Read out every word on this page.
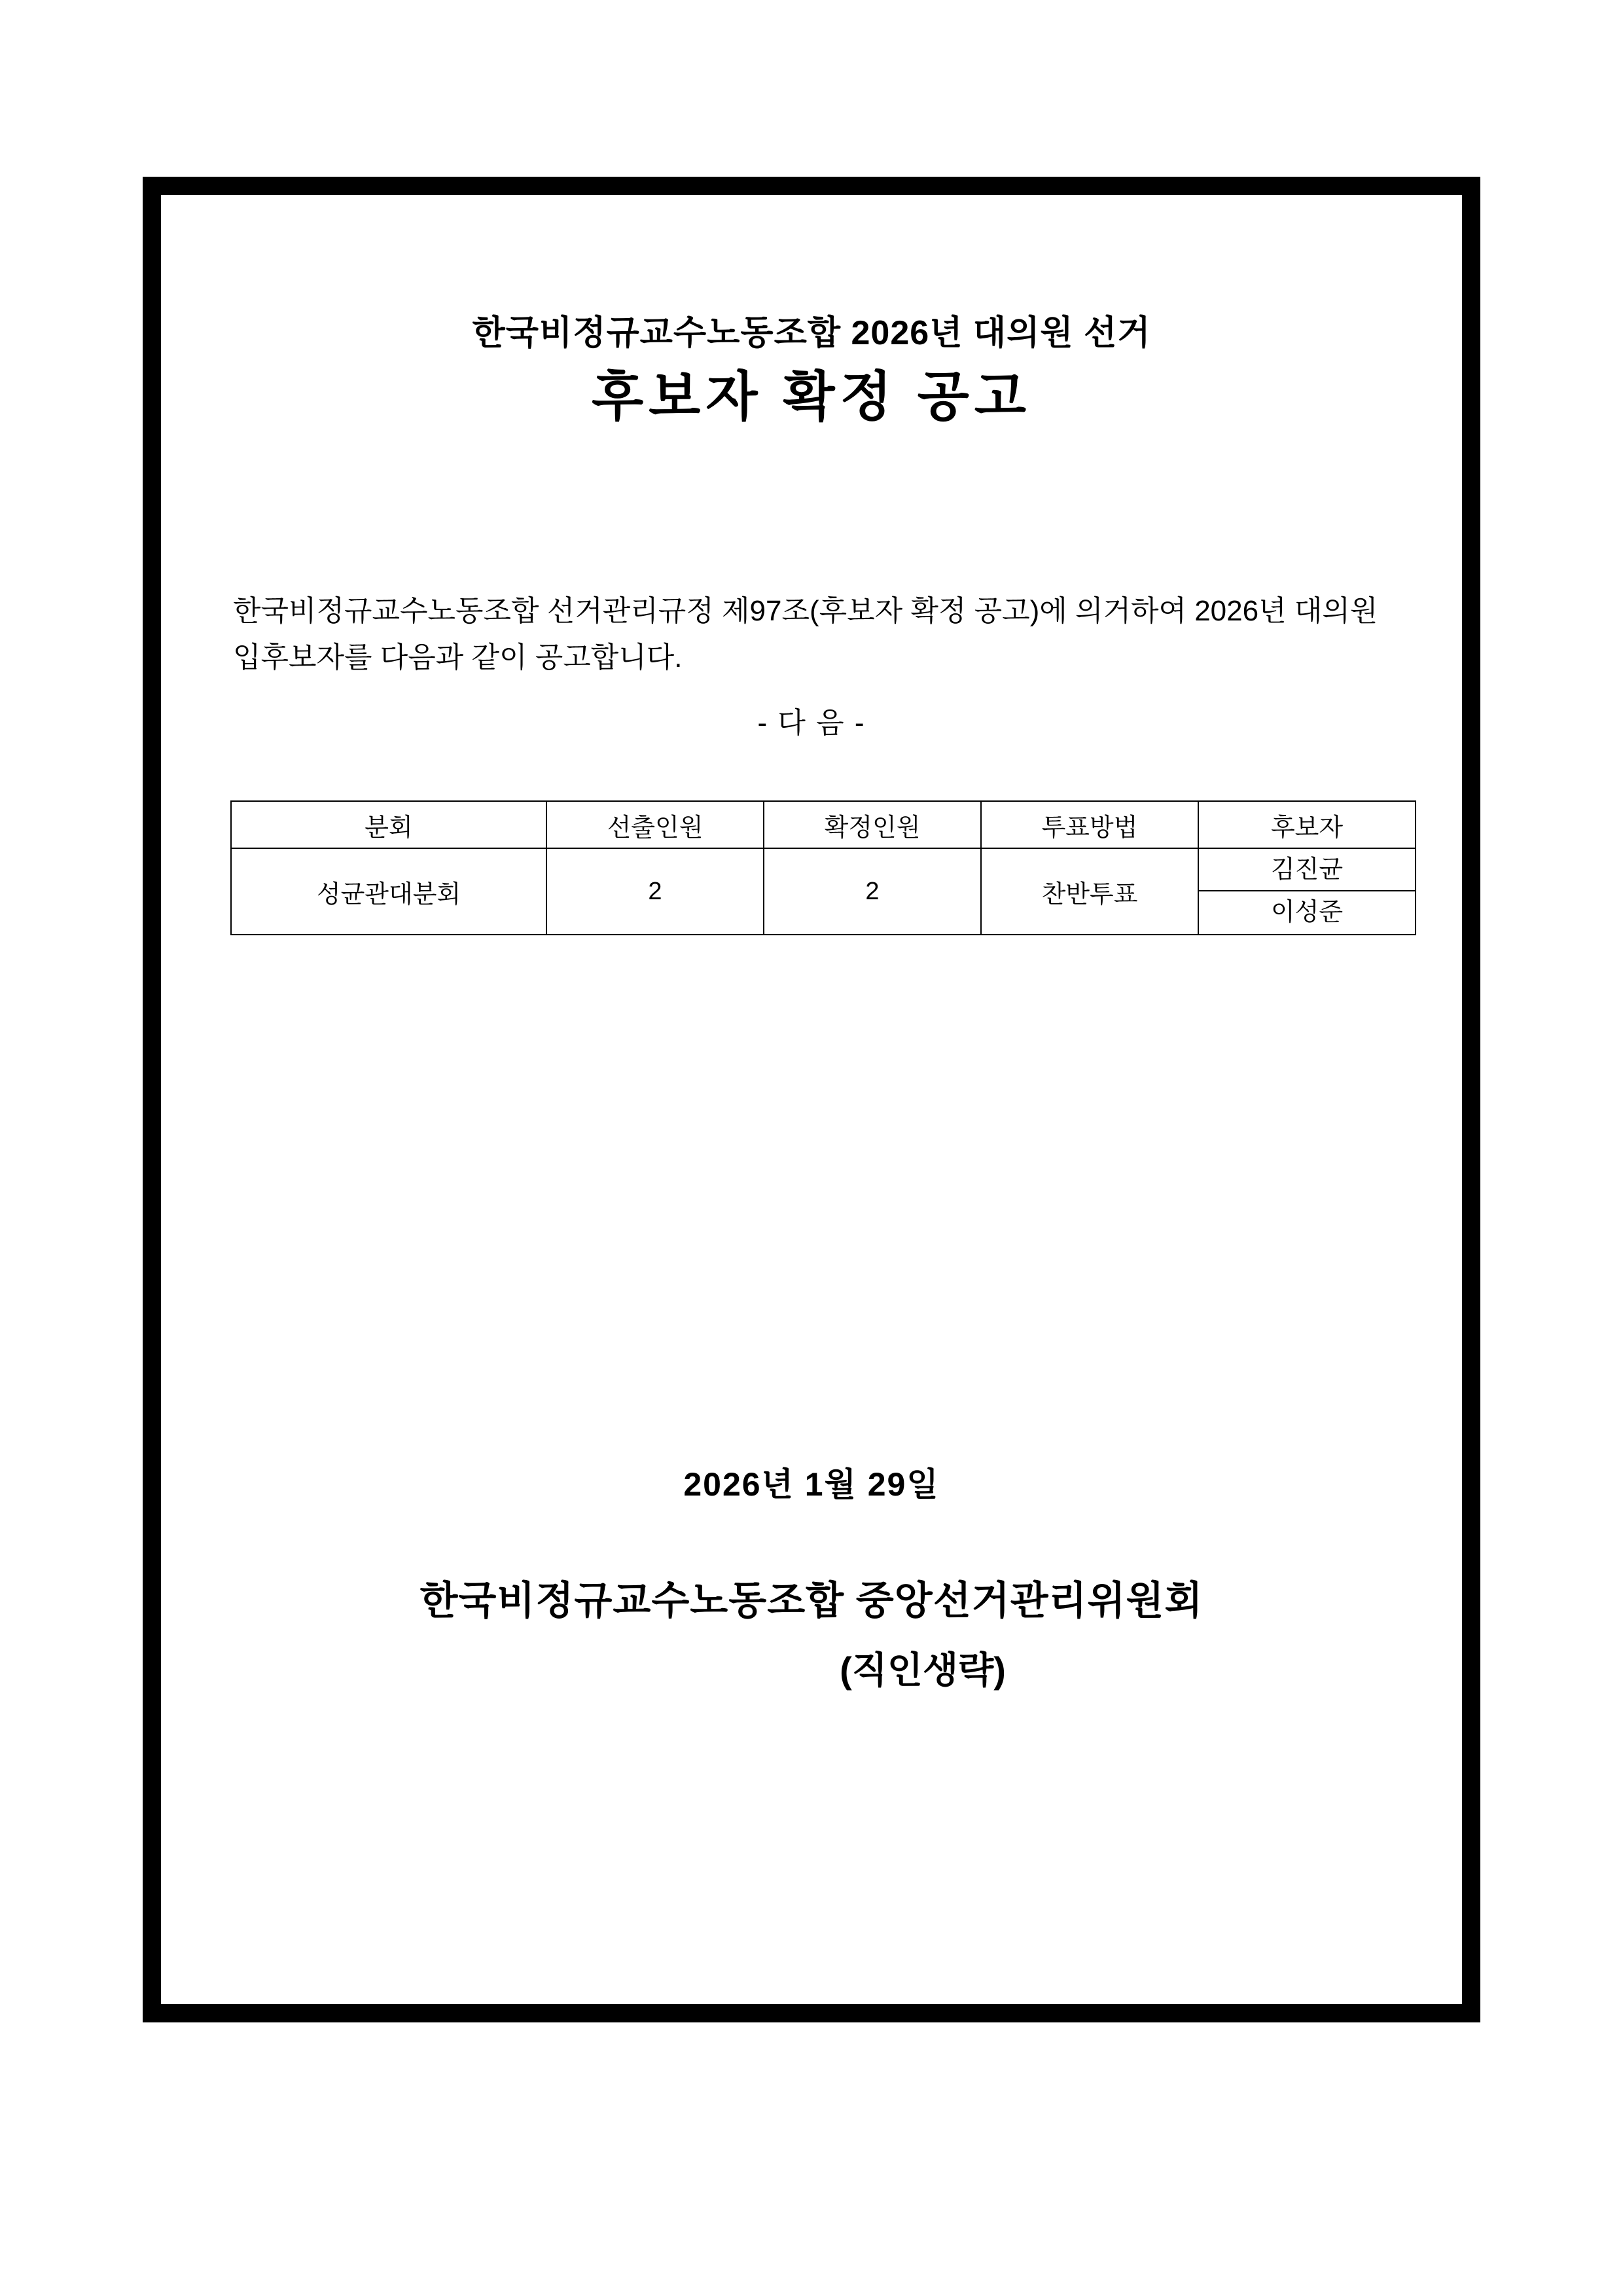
한국비정규교수노동조합 2026년 대의원 선거
후보자 확정 공고
한국비정규교수노동조합 선거관리규정 제97조(후보자 확정 공고)에 의거하여 2026년 대의원 입후보자를 다음과 같이 공고합니다.
- 다 음 -
분회	선출인원	확정인원	투표방법	후보자
성균관대분회	2	2	찬반투표	김진균
이성준
2026년 1월 29일
한국비정규교수노동조합 중앙선거관리위원회
(직인생략)
